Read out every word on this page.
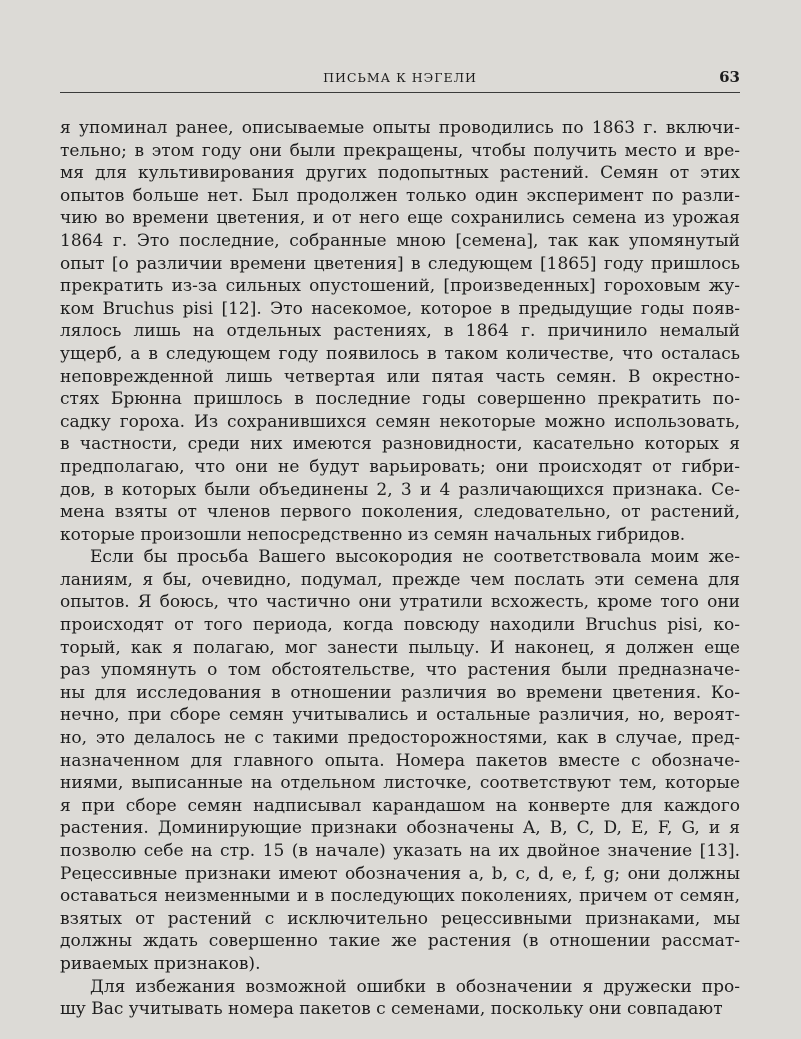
ПИСЬМА К НЭГЕЛИ	63
я упоминал ранее, описываемые опыты проводились по 1863 г. включи-
тельно; в этом году они были прекращены, чтобы получить место и вре-
мя для культивирования других подопытных растений. Семян от этих
опытов больше нет. Был продолжен только один эксперимент по разли-
чию во времени цветения, и от него еще сохранились семена из урожая
1864 г. Это последние, собранные мною [семена], так как упомянутый
опыт [о различии времени цветения] в следующем [1865] году пришлось
прекратить из-за сильных опустошений, [произведенных] гороховым жу-
ком Bruchus pisi [12]. Это насекомое, которое в предыдущие годы появ-
лялось лишь на отдельных растениях, в 1864 г. причинило немалый
ущерб, а в следующем году появилось в таком количестве, что осталась
неповрежденной лишь четвертая или пятая часть семян. В окрестно-
стях Брюнна пришлось в последние годы совершенно прекратить по-
садку гороха. Из сохранившихся семян некоторые можно использовать,
в частности, среди них имеются разновидности, касательно которых я
предполагаю, что они не будут варьировать; они происходят от гибри-
дов, в которых были объединены 2, 3 и 4 различающихся признака. Се-
мена взяты от членов первого поколения, следовательно, от растений,
которые произошли непосредственно из семян начальных гибридов.
Если бы просьба Вашего высокородия не соответствовала моим же-
ланиям, я бы, очевидно, подумал, прежде чем послать эти семена для
опытов. Я боюсь, что частично они утратили всхожесть, кроме того они
происходят от того периода, когда повсюду находили Bruchus pisi, ко-
торый, как я полагаю, мог занести пыльцу. И наконец, я должен еще
раз упомянуть о том обстоятельстве, что растения были предназначе-
ны для исследования в отношении различия во времени цветения. Ко-
нечно, при сборе семян учитывались и остальные различия, но, вероят-
но, это делалось не с такими предосторожностями, как в случае, пред-
назначенном для главного опыта. Номера пакетов вместе с обозначе-
ниями, выписанные на отдельном листочке, соответствуют тем, которые
я при сборе семян надписывал карандашом на конверте для каждого
растения. Доминирующие признаки обозначены A, B, C, D, E, F, G, и я
позволю себе на стр. 15 (в начале) указать на их двойное значение [13].
Рецессивные признаки имеют обозначения a, b, c, d, e, f, g; они должны
оставаться неизменными и в последующих поколениях, причем от семян,
взятых от растений с исключительно рецессивными признаками, мы
должны ждать совершенно такие же растения (в отношении рассмат-
риваемых признаков).
Для избежания возможной ошибки в обозначении я дружески про-
шу Вас учитывать номера пакетов с семенами, поскольку они совпадают
